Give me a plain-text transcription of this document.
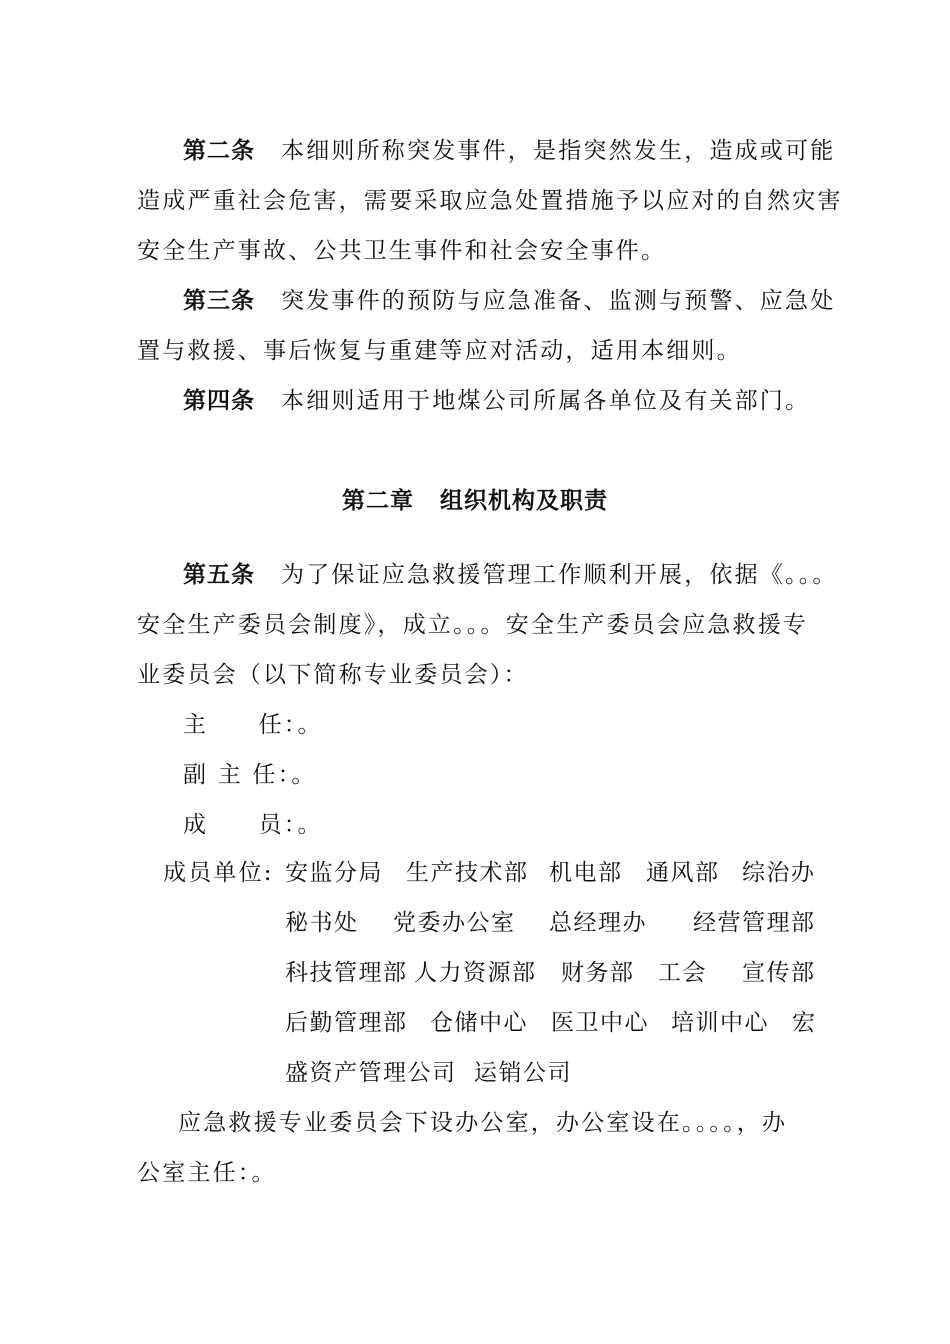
第二条 本细则所称突发事件，是指突然发生，造成或可能
造成严重社会危害，需要采取应急处置措施予以应对的自然灾害
安全生产事故、公共卫生事件和社会安全事件。
第三条 突发事件的预防与应急准备、监测与预警、应急处
置与救援、事后恢复与重建等应对活动，适用本细则。
第四条 本细则适用于地煤公司所属各单位及有关部门。
第二章 组织机构及职责
第五条 为了保证应急救援管理工作顺利开展，依据《。。。
安全生产委员会制度》，成立。。。安全生产委员会应急救援专
业委员会（以下简称专业委员会）：
主　　任：。
副 主 任：。
成　　员：。
成员单位: 安监分局 生产技术部 机电部 通风部 综治办
秘书处 党委办公室 总经理办 经营管理部
科技管理部 人力资源部 财务部 工会 宣传部
后勤管理部 仓储中心 医卫中心 培训中心 宏
盛资产管理公司 运销公司
应急救援专业委员会下设办公室，办公室设在。。。。，办
公室主任：。
